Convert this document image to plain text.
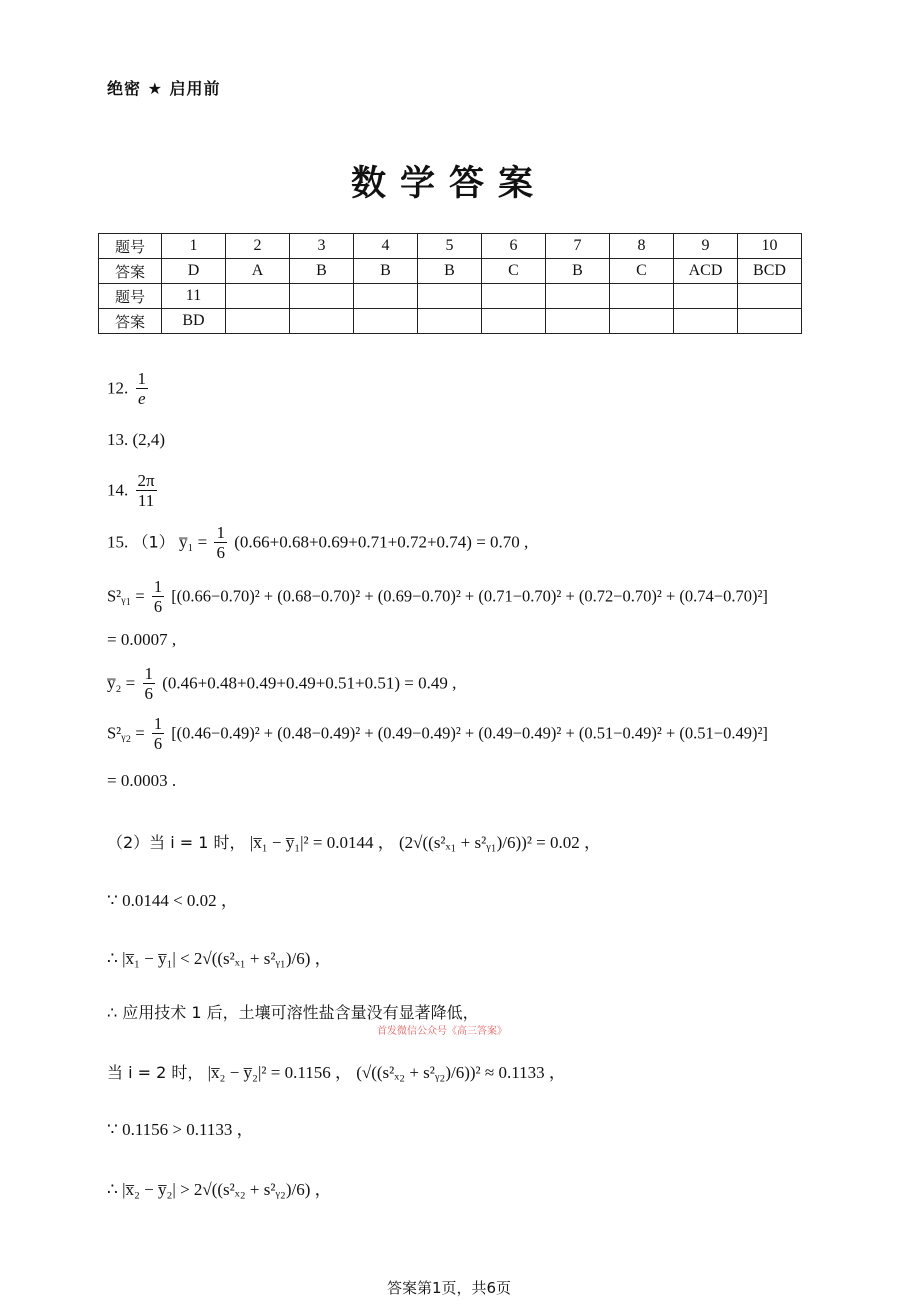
绝密 ★ 启用前
数学答案
题号	1	2	3	4	5	6	7	8	9	10
答案	D	A	B	B	B	C	B	C	ACD	BCD
题号	11									
答案	BD									
12. $\frac{1}{e}$
13. (2,4)
14. $\frac{2\pi}{11}$
15. （1） y̅₁ = $\frac{1}{6} (0.66+0.68+0.69+0.71+0.72+0.74) = 0.70$ ,
S²ᵧ₁ = $\frac{1}{6} [(0.66-0.70)^2 + (0.68-0.70)^2 + (0.69-0.70)^2 + (0.71-0.70)^2 + (0.72-0.70)^2 + (0.74-0.70)^2]$
= 0.0007 ,
y̅₂ = $\frac{1}{6} (0.46+0.48+0.49+0.49+0.51+0.51) = 0.49$ ,
S²ᵧ₂ = $\frac{1}{6} [(0.46-0.49)^2 + (0.48-0.49)^2 + (0.49-0.49)^2 + (0.49-0.49)^2 + (0.51-0.49)^2 + (0.51-0.49)^2]$
= 0.0003 .
（2）当 i = 1 时， |x̅₁ − y̅₁|² = 0.0144 ， (2√((s²ₓ₁ + s²ᵧ₁)/6))² = 0.02 ，
∵ 0.0144 < 0.02 ，
∴ |x̅₁ − y̅₁| < 2√((s²ₓ₁ + s²ᵧ₁)/6) ，
∴ 应用技术 1 后，土壤可溶性盐含量没有显著降低，
首发微信公众号《高三答案》
当 i = 2 时， |x̅₂ − y̅₂|² = 0.1156 ， (√((s²ₓ₂ + s²ᵧ₂)/6))² ≈ 0.1133 ，
∵ 0.1156 > 0.1133 ，
∴ |x̅₂ − y̅₂| > 2√((s²ₓ₂ + s²ᵧ₂)/6) ，
答案第1页，共6页
